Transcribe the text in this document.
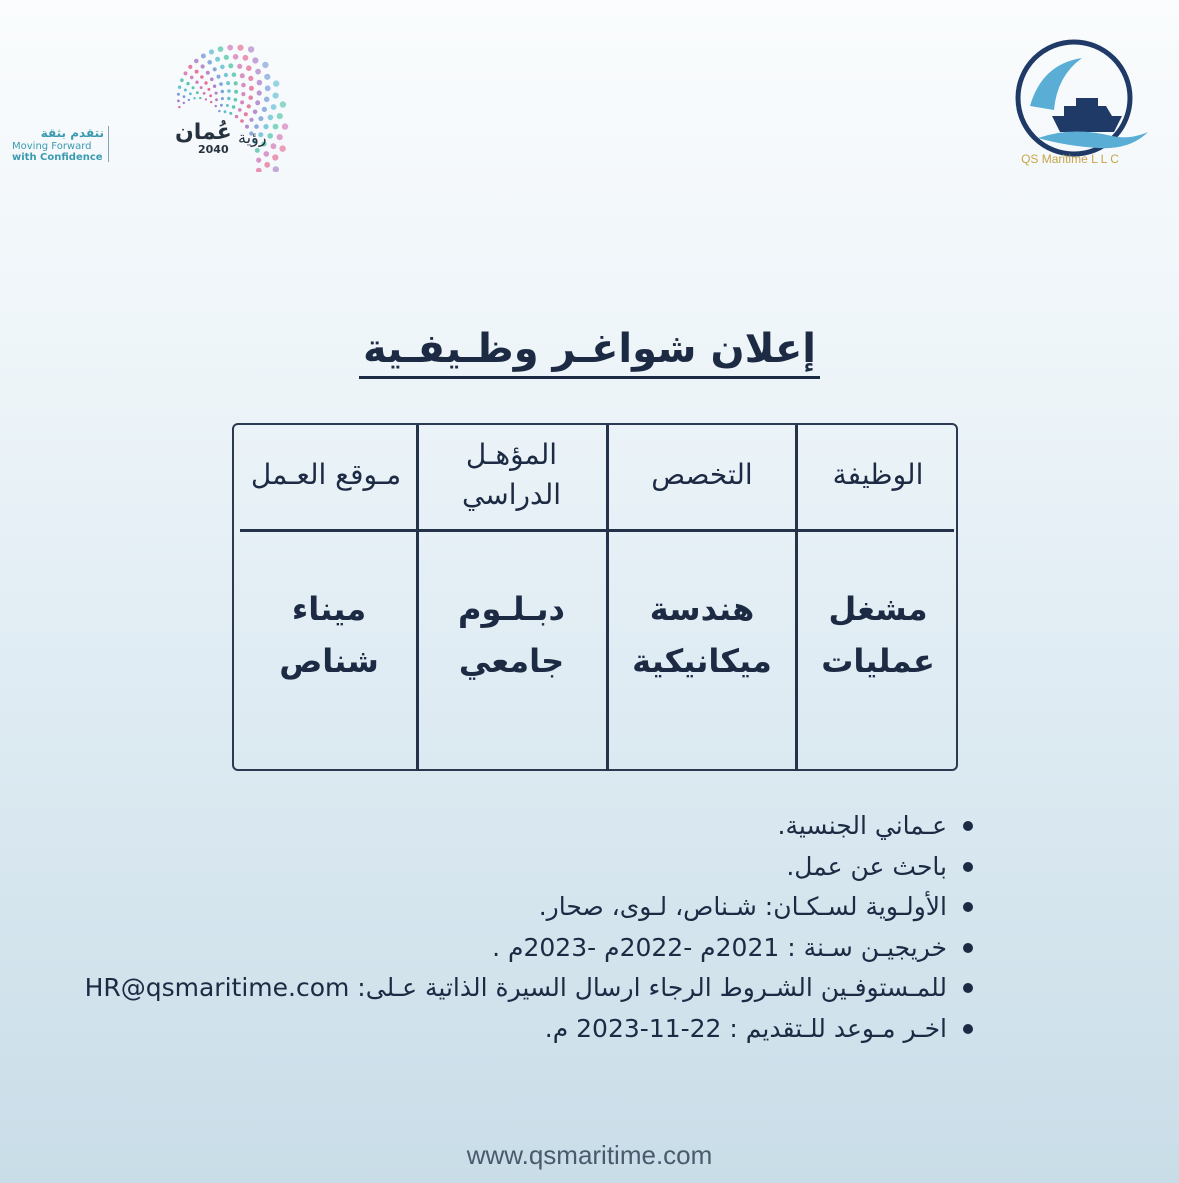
نتقدم بثقة
Moving Forward
with Confidence
عُمان
2040
رؤية
QS Maritime L L C
إعلان شواغـر وظـيفـية
الوظيفة
التخصص
المؤهـل الدراسي
مـوقع العـمل
مشغل عمليات
هندسة ميكانيكية
دبـلـوم جامعي
ميناء شناص
عـماني الجنسية.
باحث عن عمل.
الأولـوية لسـكـان: شـناص، لـوى، صحار.
خريجيـن سـنة : 2021م -2022م -2023م .
للمـستوفـين الشـروط الرجاء ارسال السيرة الذاتية عـلى: HR@qsmaritime.com
اخـر مـوعد للـتقديم : 22-11-2023 م.
www.qsmaritime.com
